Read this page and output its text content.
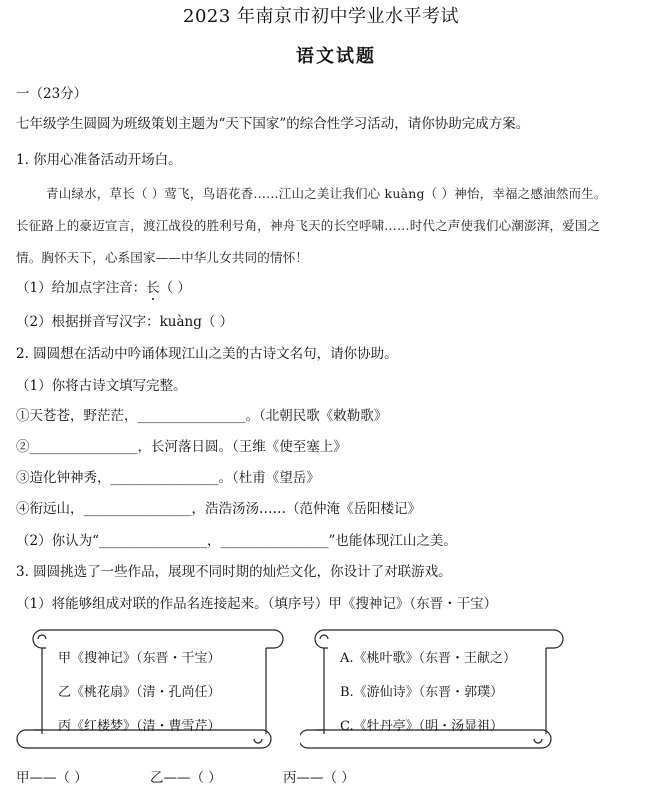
2023 年南京市初中学业水平考试
语文试题
一（23分）
七年级学生圆圆为班级策划主题为“天下国家”的综合性学习活动，请你协助完成方案。
1. 你用心准备活动开场白。
青山绿水，草长（ ）莺飞，鸟语花香……江山之美让我们心 kuàng（ ）神怡，幸福之感油然而生。
长征路上的豪迈宣言，渡江战役的胜利号角，神舟飞天的长空呼啸……时代之声使我们心潮澎湃，爱国之
情。胸怀天下，心系国家——中华儿女共同的情怀！
（1）给加点字注音：长（ ）
（2）根据拼音写汉字：kuàng（ ）
2. 圆圆想在活动中吟诵体现江山之美的古诗文名句，请你协助。
（1）你将古诗文填写完整。
①天苍苍，野茫茫，________________。（北朝民歌《敕勒歌》
②________________，长河落日圆。（王维《使至塞上》
③造化钟神秀，________________。（杜甫《望岳》
④衔远山，________________，浩浩汤汤……（范仲淹《岳阳楼记》
（2）你认为“________________，________________”也能体现江山之美。
3. 圆圆挑选了一些作品，展现不同时期的灿烂文化，你设计了对联游戏。
（1）将能够组成对联的作品名连接起来。（填序号）甲《搜神记》（东晋・干宝）
甲《搜神记》（东晋・干宝）
乙《桃花扇》（清・孔尚任）
丙《红楼梦》（清・曹雪芹）
A.《桃叶歌》（东晋・王献之）
B.《游仙诗》（东晋・郭璞）
C.《牡丹亭》（明・汤显祖）
甲——（ ）	乙——（ ）	丙——（ ）
